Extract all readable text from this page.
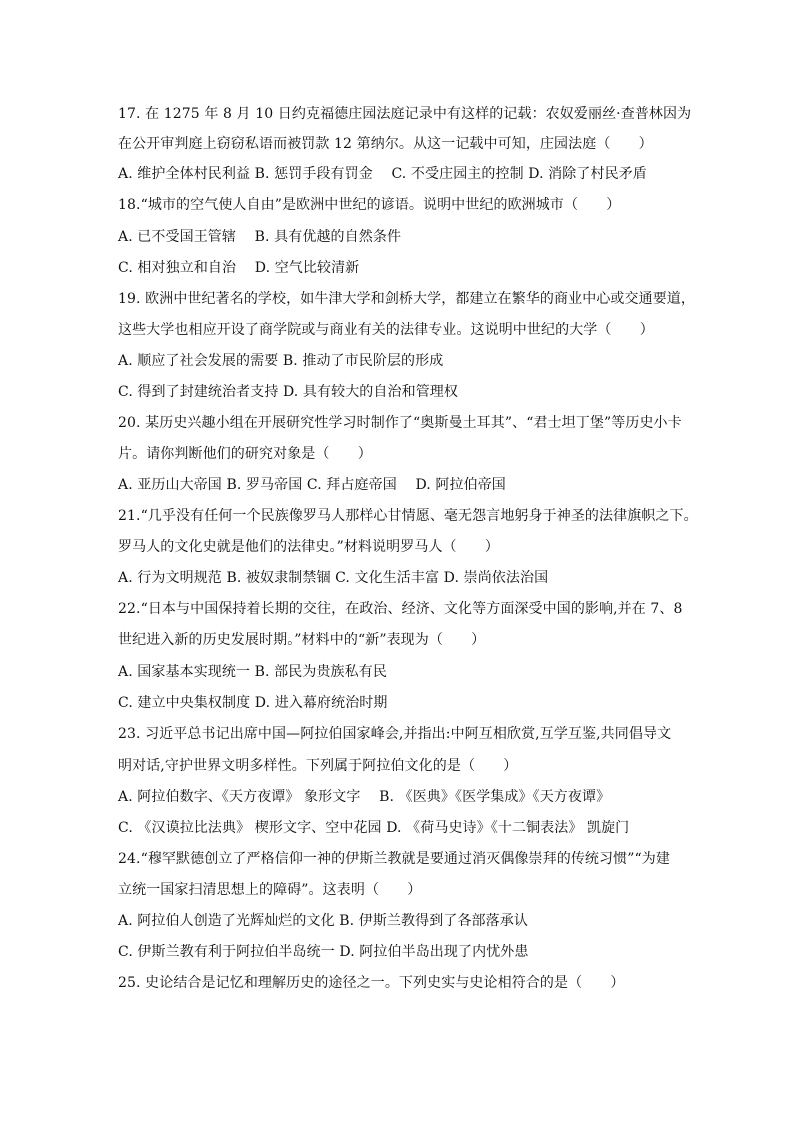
17. 在 1275 年 8 月 10 日约克福德庄园法庭记录中有这样的记载：农奴爱丽丝·查普林因为
在公开审判庭上窃窃私语而被罚款 12 第纳尔。从这一记载中可知，庄园法庭（　　）
A. 维护全体村民利益 B. 惩罚手段有罚金　 C. 不受庄园主的控制 D. 消除了村民矛盾
18.“城市的空气使人自由”是欧洲中世纪的谚语。说明中世纪的欧洲城市（　　）
A. 已不受国王管辖　 B. 具有优越的自然条件
C. 相对独立和自治　 D. 空气比较清新
19. 欧洲中世纪著名的学校，如牛津大学和剑桥大学，都建立在繁华的商业中心或交通要道，
这些大学也相应开设了商学院或与商业有关的法律专业。这说明中世纪的大学（　　）
A. 顺应了社会发展的需要 B. 推动了市民阶层的形成
C. 得到了封建统治者支持 D. 具有较大的自治和管理权
20. 某历史兴趣小组在开展研究性学习时制作了“奥斯曼土耳其”、“君士坦丁堡”等历史小卡
片。请你判断他们的研究对象是（　　）
A. 亚历山大帝国 B. 罗马帝国 C. 拜占庭帝国　 D. 阿拉伯帝国
21.“几乎没有任何一个民族像罗马人那样心甘情愿、毫无怨言地躬身于神圣的法律旗帜之下。
罗马人的文化史就是他们的法律史。”材料说明罗马人（　　）
A. 行为文明规范 B. 被奴隶制禁锢 C. 文化生活丰富 D. 崇尚依法治国
22.“日本与中国保持着长期的交往，在政治、经济、文化等方面深受中国的影响,并在 7、8
世纪进入新的历史发展时期。”材料中的“新”表现为（　　）
A. 国家基本实现统一 B. 部民为贵族私有民
C. 建立中央集权制度 D. 进入幕府统治时期
23. 习近平总书记出席中国—阿拉伯国家峰会,并指出:中阿互相欣赏,互学互鉴,共同倡导文
明对话,守护世界文明多样性。下列属于阿拉伯文化的是（　　）
A. 阿拉伯数字、《天方夜谭》 象形文字　 B. 《医典》《医学集成》《天方夜谭》
C. 《汉谟拉比法典》 楔形文字、空中花园 D. 《荷马史诗》《十二铜表法》 凯旋门
24.“穆罕默德创立了严格信仰一神的伊斯兰教就是要通过消灭偶像崇拜的传统习惯”“为建
立统一国家扫清思想上的障碍”。这表明（　　）
A. 阿拉伯人创造了光辉灿烂的文化 B. 伊斯兰教得到了各部落承认
C. 伊斯兰教有利于阿拉伯半岛统一 D. 阿拉伯半岛出现了内忧外患
25. 史论结合是记忆和理解历史的途径之一。下列史实与史论相符合的是（　　）
